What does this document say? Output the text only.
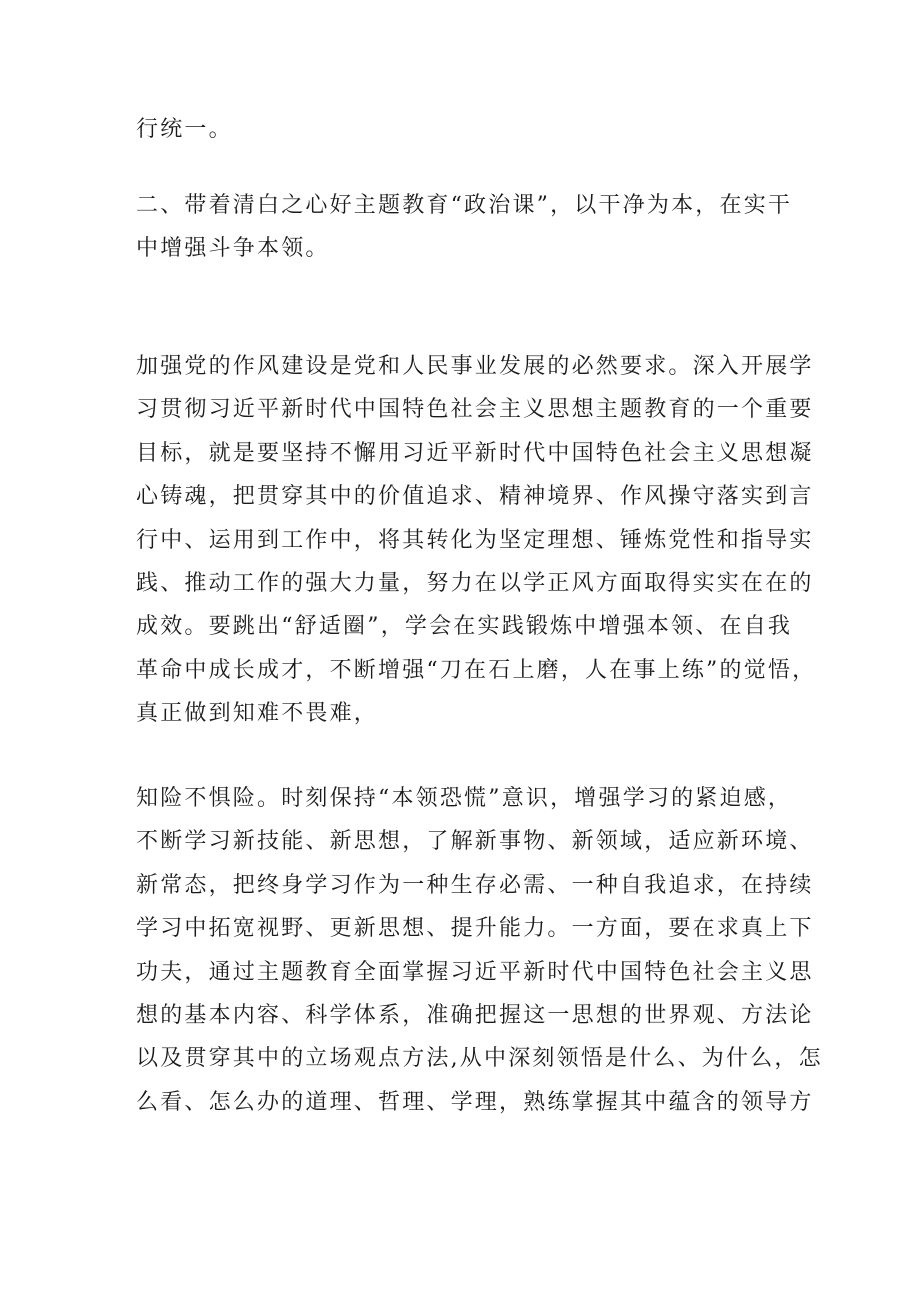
行统一。
二、带着清白之心好主题教育“政治课”，以干净为本，在实干
中增强斗争本领。
加强党的作风建设是党和人民事业发展的必然要求。深入开展学
习贯彻习近平新时代中国特色社会主义思想主题教育的一个重要
目标，就是要坚持不懈用习近平新时代中国特色社会主义思想凝
心铸魂，把贯穿其中的价值追求、精神境界、作风操守落实到言
行中、运用到工作中，将其转化为坚定理想、锤炼党性和指导实
践、推动工作的强大力量，努力在以学正风方面取得实实在在的
成效。要跳出“舒适圈”，学会在实践锻炼中增强本领、在自我
革命中成长成才，不断增强“刀在石上磨，人在事上练”的觉悟，
真正做到知难不畏难，
知险不惧险。时刻保持“本领恐慌”意识，增强学习的紧迫感，
不断学习新技能、新思想，了解新事物、新领域，适应新环境、
新常态，把终身学习作为一种生存必需、一种自我追求，在持续
学习中拓宽视野、更新思想、提升能力。一方面，要在求真上下
功夫，通过主题教育全面掌握习近平新时代中国特色社会主义思
想的基本内容、科学体系，准确把握这一思想的世界观、方法论
以及贯穿其中的立场观点方法,从中深刻领悟是什么、为什么，怎
么看、怎么办的道理、哲理、学理，熟练掌握其中蕴含的领导方
